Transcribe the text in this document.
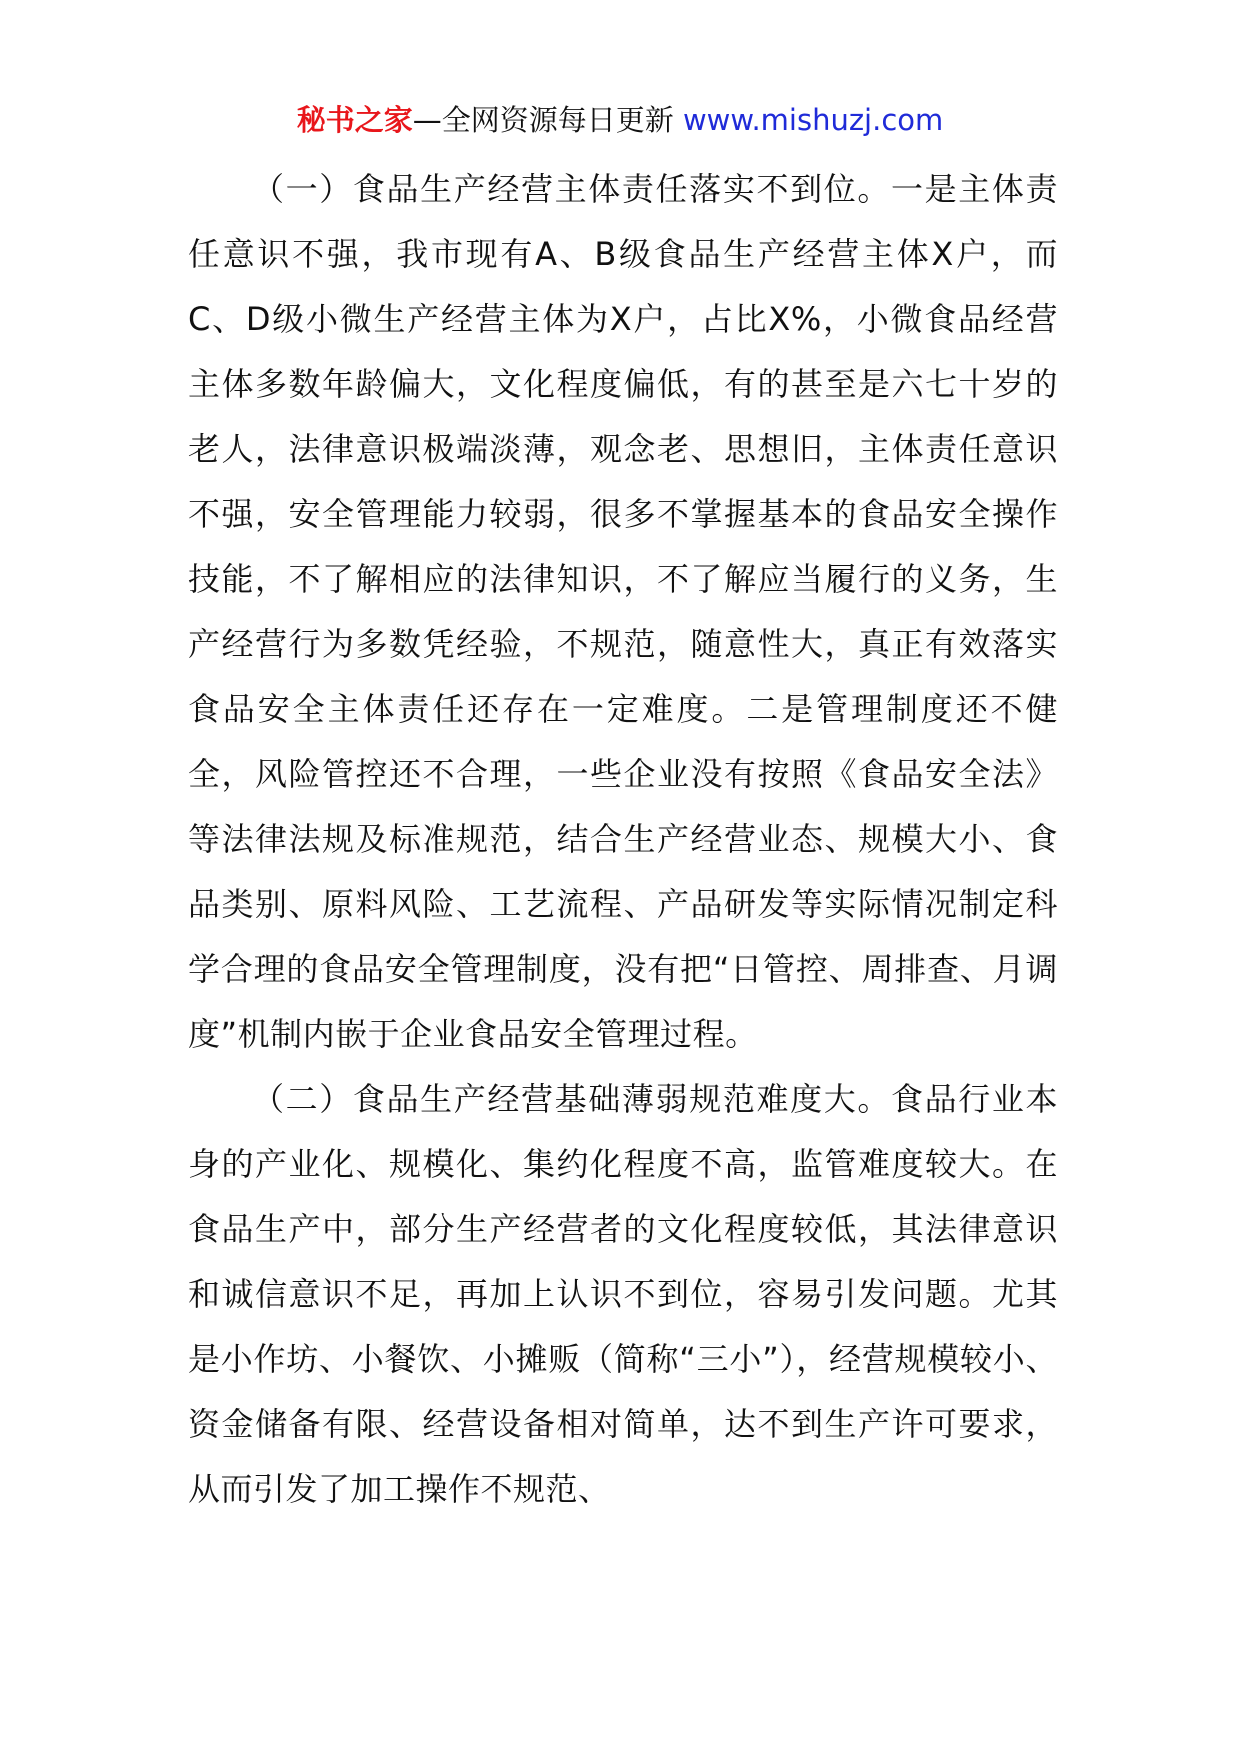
秘书之家—全网资源每日更新 www.mishuzj.com

（一）食品生产经营主体责任落实不到位。一是主体责任意识不强，我市现有A、B级食品生产经营主体X户，而C、D级小微生产经营主体为X户，占比X%，小微食品经营主体多数年龄偏大，文化程度偏低，有的甚至是六七十岁的老人，法律意识极端淡薄，观念老、思想旧，主体责任意识不强，安全管理能力较弱，很多不掌握基本的食品安全操作技能，不了解相应的法律知识，不了解应当履行的义务，生产经营行为多数凭经验，不规范，随意性大，真正有效落实食品安全主体责任还存在一定难度。二是管理制度还不健全，风险管控还不合理，一些企业没有按照《食品安全法》等法律法规及标准规范，结合生产经营业态、规模大小、食品类别、原料风险、工艺流程、产品研发等实际情况制定科学合理的食品安全管理制度，没有把“日管控、周排查、月调度”机制内嵌于企业食品安全管理过程。

（二）食品生产经营基础薄弱规范难度大。食品行业本身的产业化、规模化、集约化程度不高，监管难度较大。在食品生产中，部分生产经营者的文化程度较低，其法律意识和诚信意识不足，再加上认识不到位，容易引发问题。尤其是小作坊、小餐饮、小摊贩（简称“三小”），经营规模较小、资金储备有限、经营设备相对简单，达不到生产许可要求，从而引发了加工操作不规范、
